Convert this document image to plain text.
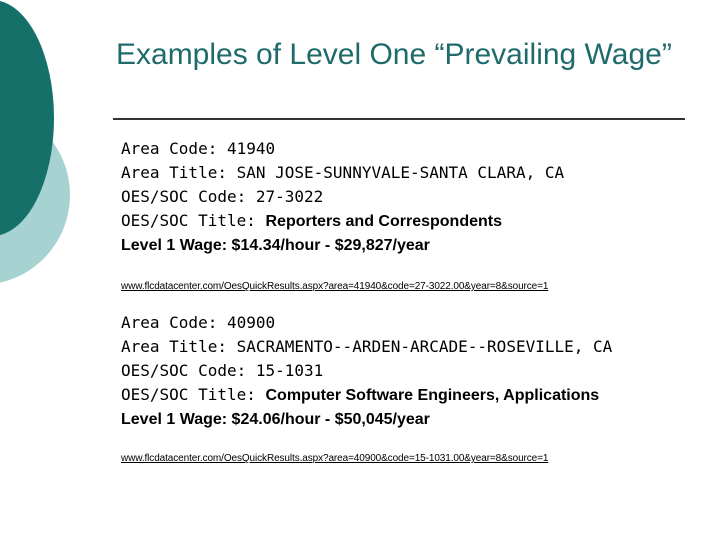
Examples of Level One “Prevailing Wage”
Area Code: 41940
Area Title: SAN JOSE-SUNNYVALE-SANTA CLARA, CA
OES/SOC Code: 27-3022
OES/SOC Title: Reporters and Correspondents
Level 1 Wage: $14.34/hour - $29,827/year
www.flcdatacenter.com/OesQuickResults.aspx?area=41940&code=27-3022.00&year=8&source=1
Area Code: 40900
Area Title: SACRAMENTO--ARDEN-ARCADE--ROSEVILLE, CA
OES/SOC Code: 15-1031
OES/SOC Title: Computer Software Engineers, Applications
Level 1 Wage: $24.06/hour - $50,045/year
www.flcdatacenter.com/OesQuickResults.aspx?area=40900&code=15-1031.00&year=8&source=1
